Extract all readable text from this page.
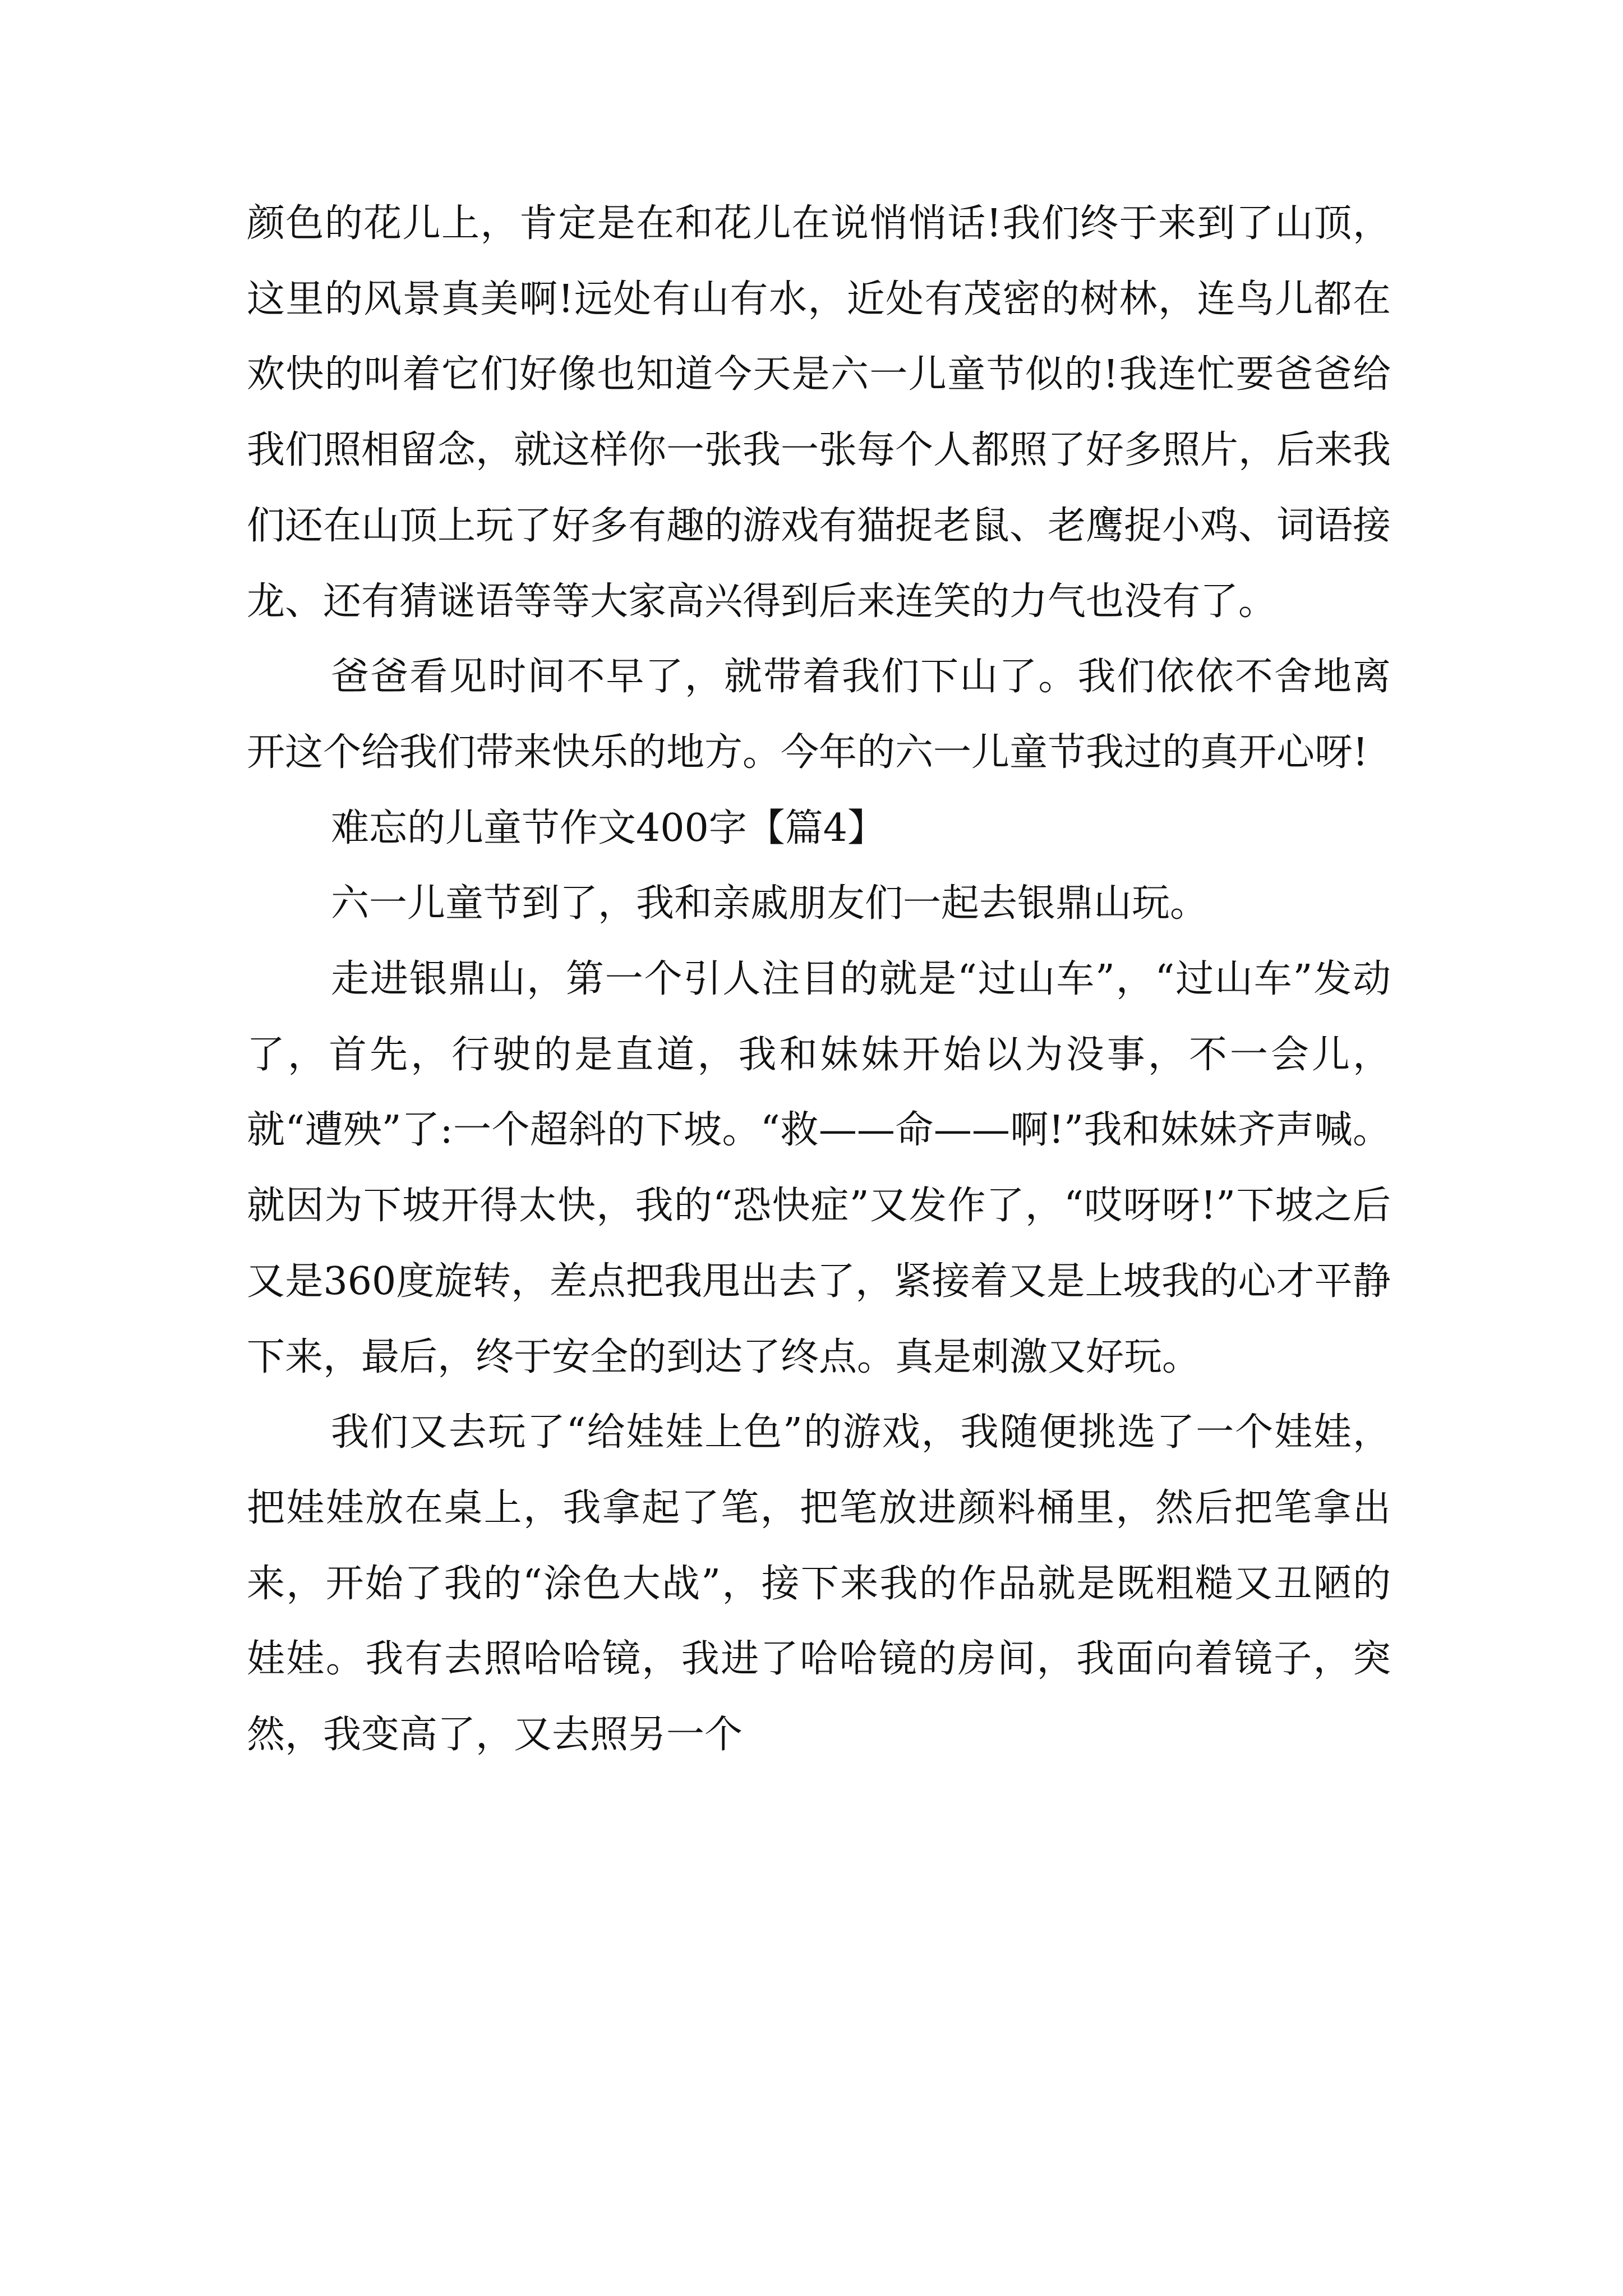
颜色的花儿上，肯定是在和花儿在说悄悄话!我们终于来到了山顶，这里的风景真美啊!远处有山有水，近处有茂密的树林，连鸟儿都在欢快的叫着它们好像也知道今天是六一儿童节似的!我连忙要爸爸给我们照相留念，就这样你一张我一张每个人都照了好多照片，后来我们还在山顶上玩了好多有趣的游戏有猫捉老鼠、老鹰捉小鸡、词语接龙、还有猜谜语等等大家高兴得到后来连笑的力气也没有了。

爸爸看见时间不早了，就带着我们下山了。我们依依不舍地离开这个给我们带来快乐的地方。今年的六一儿童节我过的真开心呀!

难忘的儿童节作文400字【篇4】

六一儿童节到了，我和亲戚朋友们一起去银鼎山玩。

走进银鼎山，第一个引人注目的就是“过山车”，“过山车”发动了，首先，行驶的是直道，我和妹妹开始以为没事，不一会儿，就“遭殃”了:一个超斜的下坡。“救——命——啊!”我和妹妹齐声喊。就因为下坡开得太快，我的“恐快症”又发作了，“哎呀呀!”下坡之后又是360度旋转，差点把我甩出去了，紧接着又是上坡我的心才平静下来，最后，终于安全的到达了终点。真是刺激又好玩。

我们又去玩了“给娃娃上色”的游戏，我随便挑选了一个娃娃，把娃娃放在桌上，我拿起了笔，把笔放进颜料桶里，然后把笔拿出来，开始了我的“涂色大战”，接下来我的作品就是既粗糙又丑陋的娃娃。我有去照哈哈镜，我进了哈哈镜的房间，我面向着镜子，突然，我变高了，又去照另一个
